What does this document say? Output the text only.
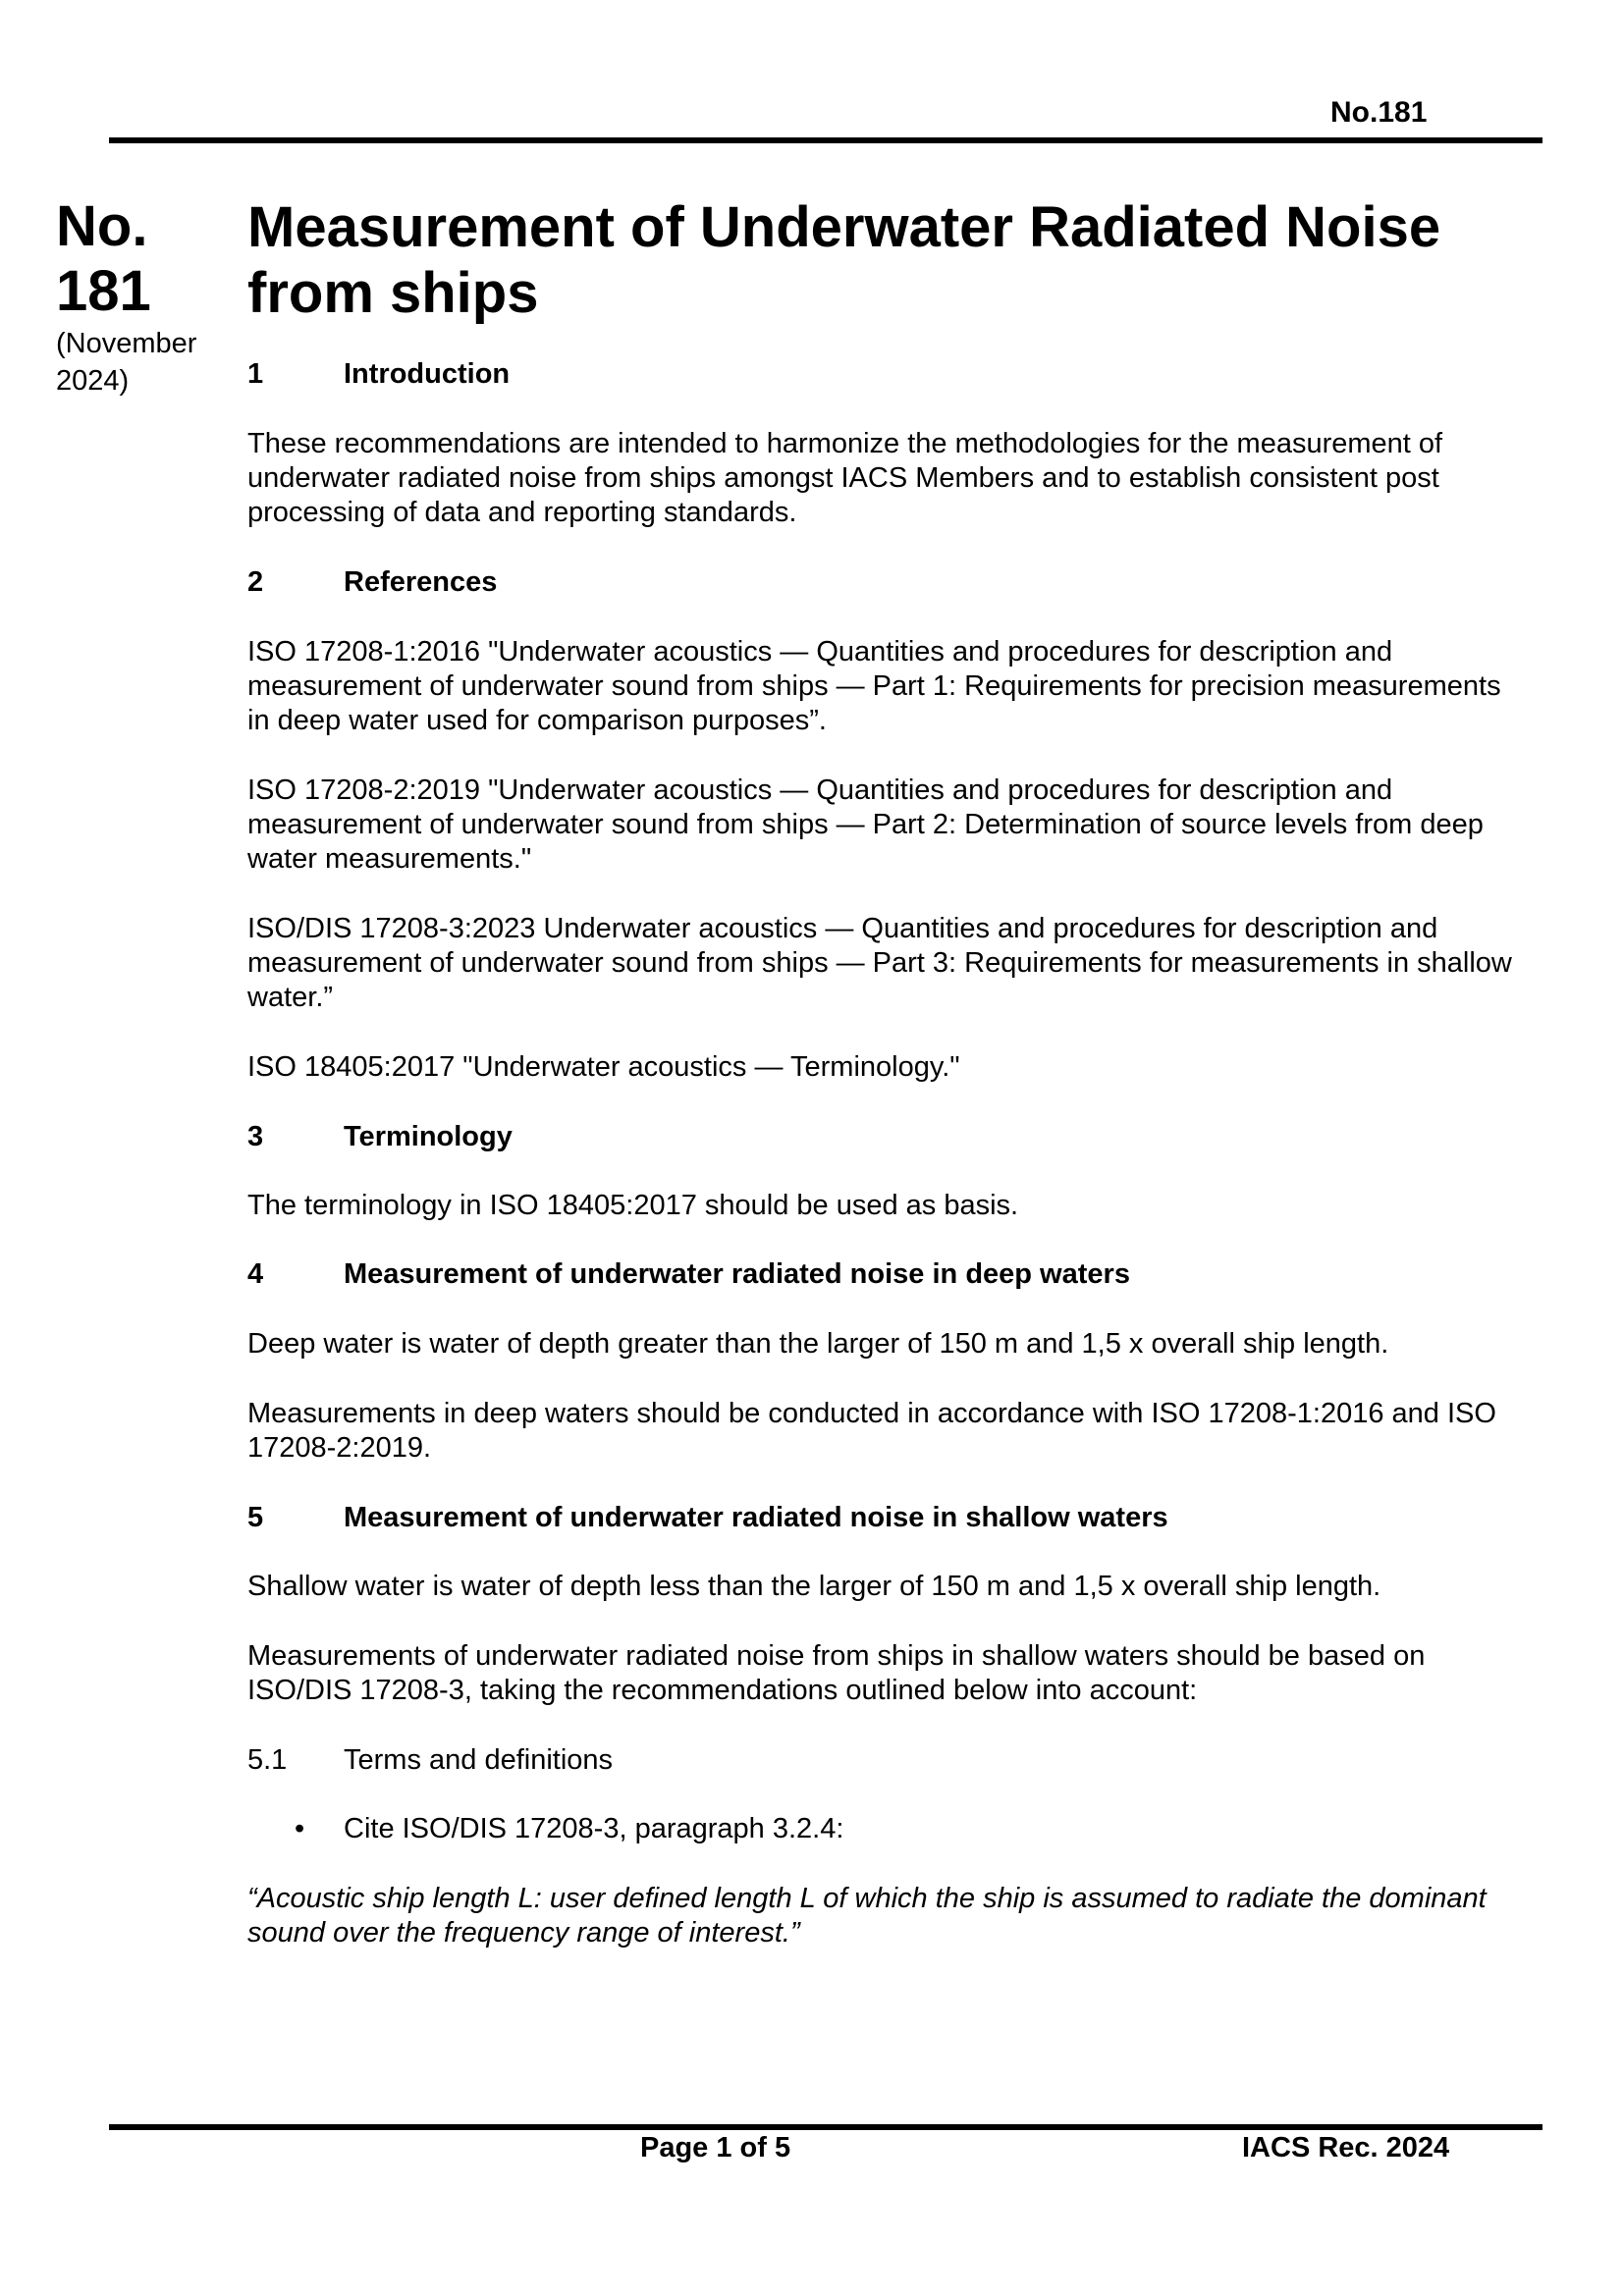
No.181
No.
181
(November
2024)
Measurement of Underwater Radiated Noise from ships
1	Introduction

These recommendations are intended to harmonize the methodologies for the measurement of underwater radiated noise from ships amongst IACS Members and to establish consistent post processing of data and reporting standards.

2	References

ISO 17208-1:2016 "Underwater acoustics — Quantities and procedures for description and measurement of underwater sound from ships — Part 1: Requirements for precision measurements in deep water used for comparison purposes”.

ISO 17208-2:2019 "Underwater acoustics — Quantities and procedures for description and measurement of underwater sound from ships — Part 2: Determination of source levels from deep water measurements."

ISO/DIS 17208-3:2023 Underwater acoustics — Quantities and procedures for description and measurement of underwater sound from ships — Part 3: Requirements for measurements in shallow water.”

ISO 18405:2017 "Underwater acoustics — Terminology."

3	Terminology

The terminology in ISO 18405:2017 should be used as basis.

4	Measurement of underwater radiated noise in deep waters

Deep water is water of depth greater than the larger of 150 m and 1,5 x overall ship length.

Measurements in deep waters should be conducted in accordance with ISO 17208-1:2016 and ISO 17208-2:2019.

5	Measurement of underwater radiated noise in shallow waters

Shallow water is water of depth less than the larger of 150 m and 1,5 x overall ship length.

Measurements of underwater radiated noise from ships in shallow waters should be based on ISO/DIS 17208-3, taking the recommendations outlined below into account:

5.1	Terms and definitions
•	Cite ISO/DIS 17208-3, paragraph 3.2.4:

“Acoustic ship length L: user defined length L of which the ship is assumed to radiate the dominant sound over the frequency range of interest.”

Page 1 of 5	IACS Rec. 2024
